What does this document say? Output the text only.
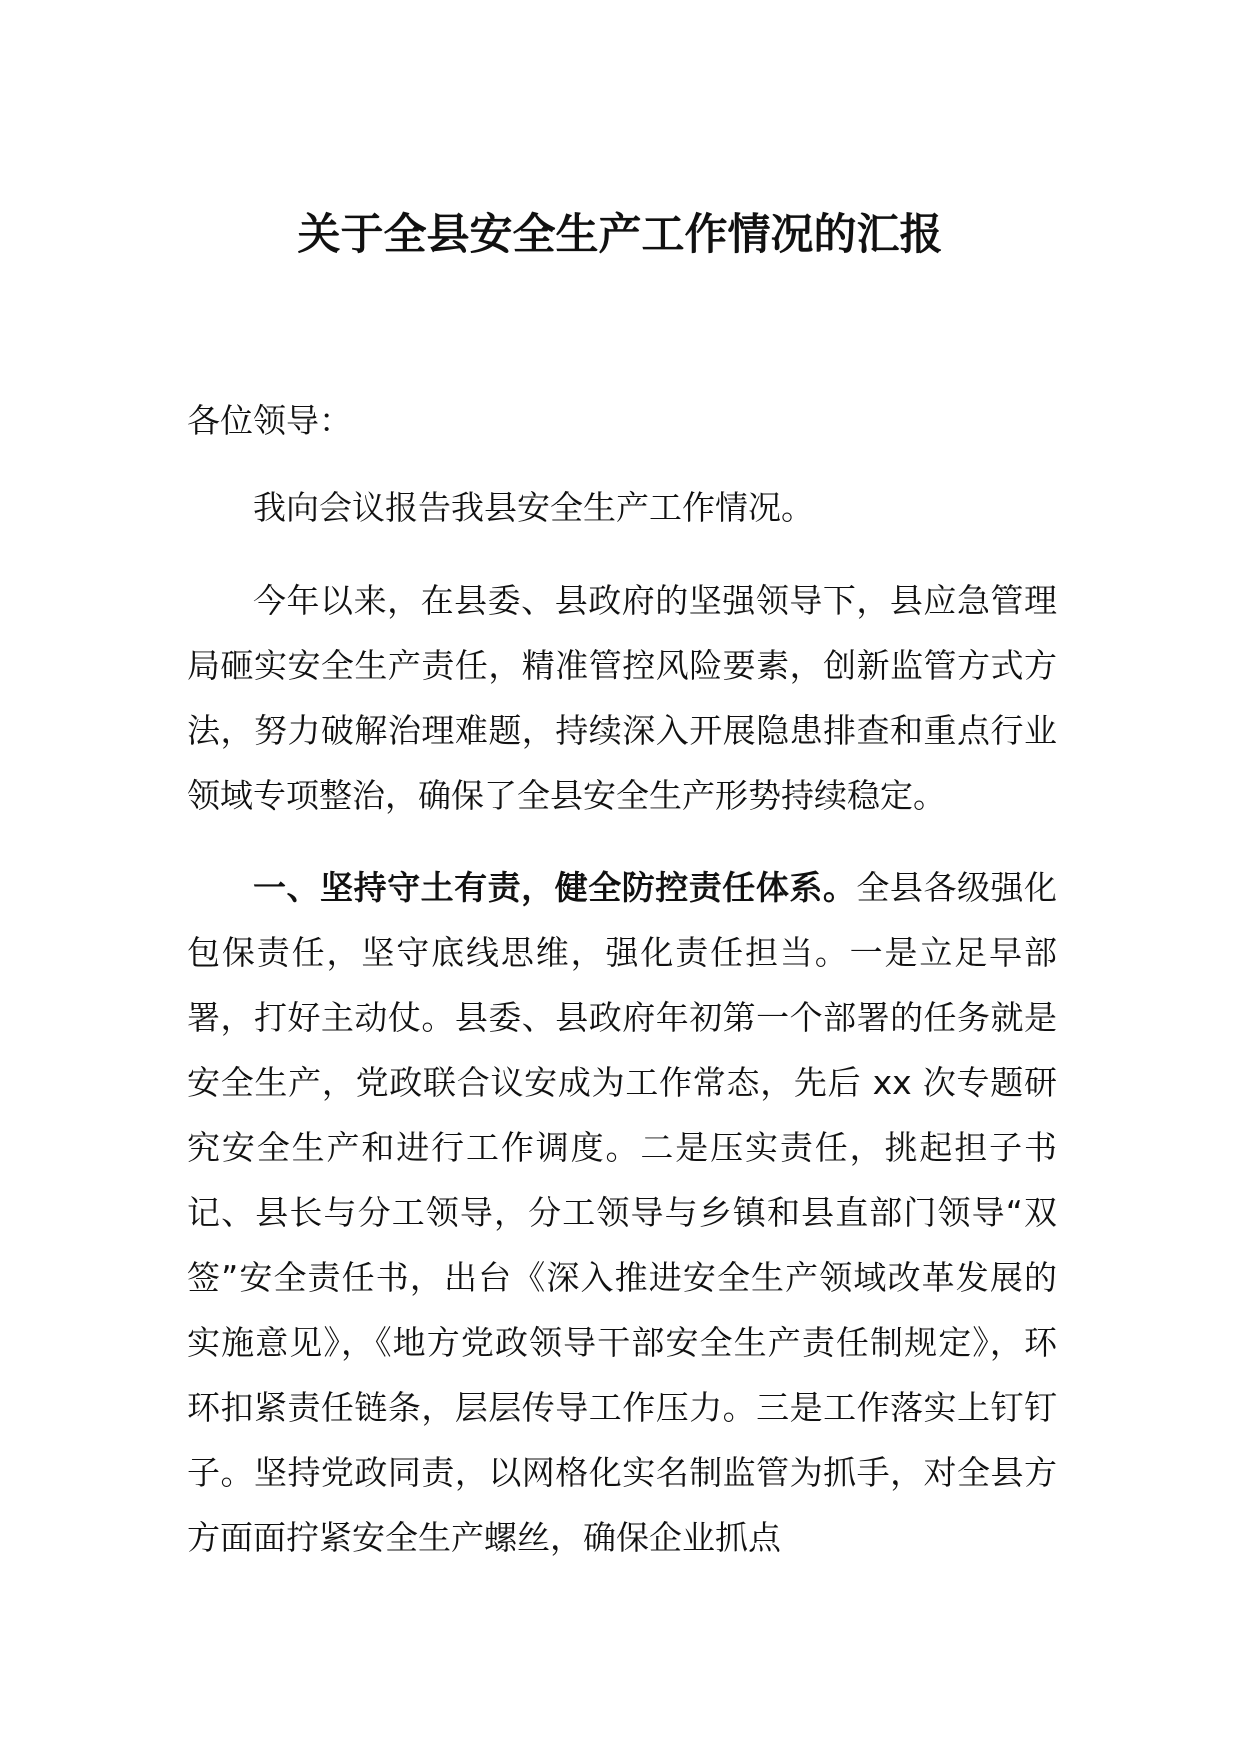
关于全县安全生产工作情况的汇报
各位领导：
我向会议报告我县安全生产工作情况。
今年以来，在县委、县政府的坚强领导下，县应急管理局砸实安全生产责任，精准管控风险要素，创新监管方式方法，努力破解治理难题，持续深入开展隐患排查和重点行业领域专项整治，确保了全县安全生产形势持续稳定。
一、坚持守土有责，健全防控责任体系。全县各级强化包保责任，坚守底线思维，强化责任担当。一是立足早部署，打好主动仗。县委、县政府年初第一个部署的任务就是安全生产，党政联合议安成为工作常态，先后 xx 次专题研究安全生产和进行工作调度。二是压实责任，挑起担子书记、县长与分工领导，分工领导与乡镇和县直部门领导“双签”安全责任书，出台《深入推进安全生产领域改革发展的实施意见》，《地方党政领导干部安全生产责任制规定》，环环扣紧责任链条，层层传导工作压力。三是工作落实上钉钉子。坚持党政同责，以网格化实名制监管为抓手，对全县方方面面拧紧安全生产螺丝，确保企业抓点
